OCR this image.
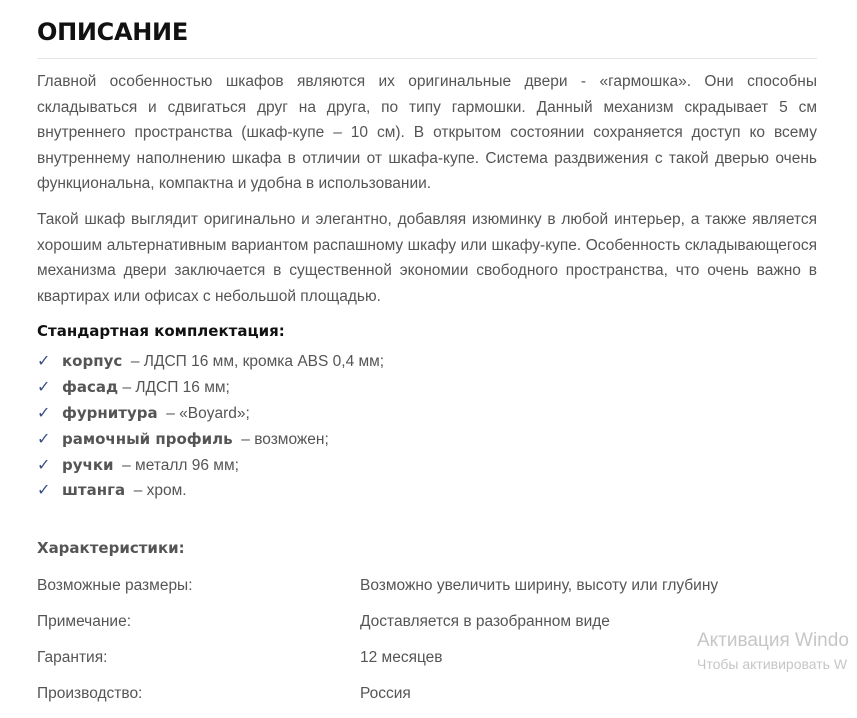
ОПИСАНИЕ

Главной особенностью шкафов являются их оригинальные двери - «гармошка». Они способны складываться и сдвигаться друг на друга, по типу гармошки. Данный механизм скрадывает 5 см внутреннего пространства (шкаф-купе – 10 см). В открытом состоянии сохраняется доступ ко всему внутреннему наполнению шкафа в отличии от шкафа-купе. Система раздвижения с такой дверью очень функциональна, компактна и удобна в использовании.

Такой шкаф выглядит оригинально и элегантно, добавляя изюминку в любой интерьер, а также является хорошим альтернативным вариантом распашному шкафу или шкафу-купе. Особенность складывающегося механизма двери заключается в существенной экономии свободного пространства, что очень важно в квартирах или офисах с небольшой площадью.

Стандартная комплектация:
✓ корпус – ЛДСП 16 мм, кромка ABS 0,4 мм;
✓ фасад – ЛДСП 16 мм;
✓ фурнитура – «Boyard»;
✓ рамочный профиль – возможен;
✓ ручки – металл 96 мм;
✓ штанга – хром.
Характеристики:
Возможные размеры:	Возможно увеличить ширину, высоту или глубину
Примечание:	Доставляется в разобранном виде
Гарантия:	12 месяцев
Производство:	Россия
Активация Windo
Чтобы активировать W
